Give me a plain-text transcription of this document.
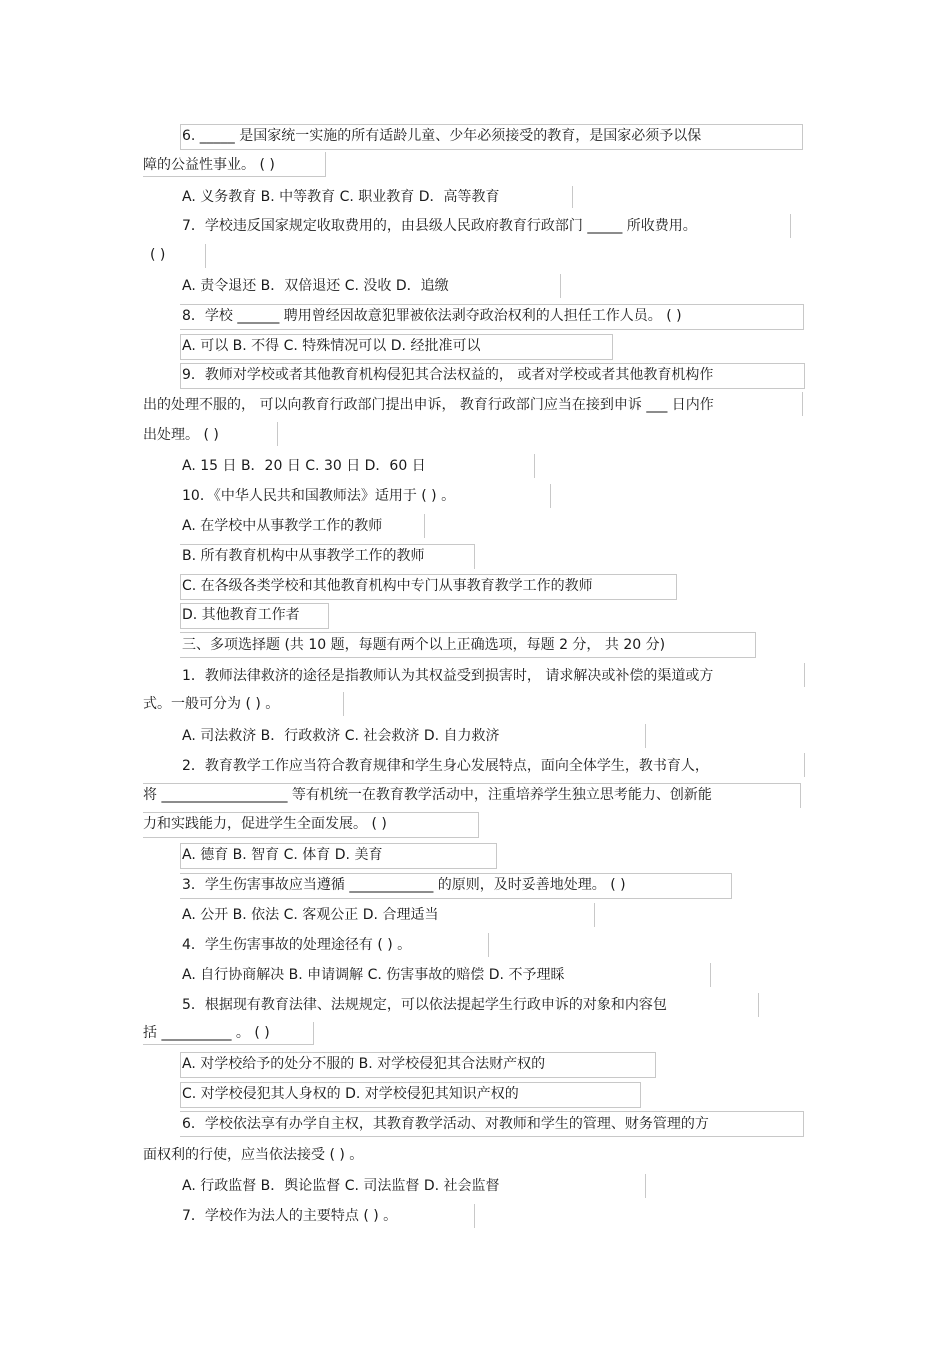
6. _____ 是国家统一实施的所有适龄儿童、少年必须接受的教育，是国家必须予以保
障的公益性事业。 ( )
A. 义务教育 B. 中等教育 C. 职业教育 D．高等教育
7．学校违反国家规定收取费用的，由县级人民政府教育行政部门 _____ 所收费用。
( )
A. 责令退还 B．双倍退还 C. 没收 D．追缴
8．学校 ______ 聘用曾经因故意犯罪被依法剥夺政治权利的人担任工作人员。 ( )
A. 可以 B. 不得 C. 特殊情况可以 D. 经批准可以
9．教师对学校或者其他教育机构侵犯其合法权益的， 或者对学校或者其他教育机构作
出的处理不服的， 可以向教育行政部门提出申诉， 教育行政部门应当在接到申诉 ___ 日内作
出处理。 ( )
A. 15 日 B．20 日 C. 30 日 D．60 日
10．《中华人民共和国教师法》适用于 ( ) 。
A. 在学校中从事教学工作的教师
B. 所有教育机构中从事教学工作的教师
C. 在各级各类学校和其他教育机构中专门从事教育教学工作的教师
D. 其他教育工作者
三、多项选择题 (共 10 题，每题有两个以上正确选项，每题 2 分， 共 20 分)
1．教师法律救济的途径是指教师认为其权益受到损害时， 请求解决或补偿的渠道或方
式。一般可分为 ( ) 。
A. 司法救济 B．行政救济 C. 社会救济 D. 自力救济
2．教育教学工作应当符合教育规律和学生身心发展特点，面向全体学生，教书育人，
将 __________________ 等有机统一在教育教学活动中，注重培养学生独立思考能力、创新能
力和实践能力，促进学生全面发展。 ( )
A. 德育 B. 智育 C. 体育 D. 美育
3．学生伤害事故应当遵循 ____________ 的原则，及时妥善地处理。 ( )
A. 公开 B. 依法 C. 客观公正 D. 合理适当
4．学生伤害事故的处理途径有 ( ) 。
A. 自行协商解决 B. 申请调解 C. 伤害事故的赔偿 D. 不予理睬
5．根据现有教育法律、法规规定，可以依法提起学生行政申诉的对象和内容包
括 __________ 。 ( )
A. 对学校给予的处分不服的 B. 对学校侵犯其合法财产权的
C. 对学校侵犯其人身权的 D. 对学校侵犯其知识产权的
6．学校依法享有办学自主权，其教育教学活动、对教师和学生的管理、财务管理的方
面权利的行使，应当依法接受 ( ) 。
A. 行政监督 B．舆论监督 C. 司法监督 D. 社会监督
7．学校作为法人的主要特点 ( ) 。
